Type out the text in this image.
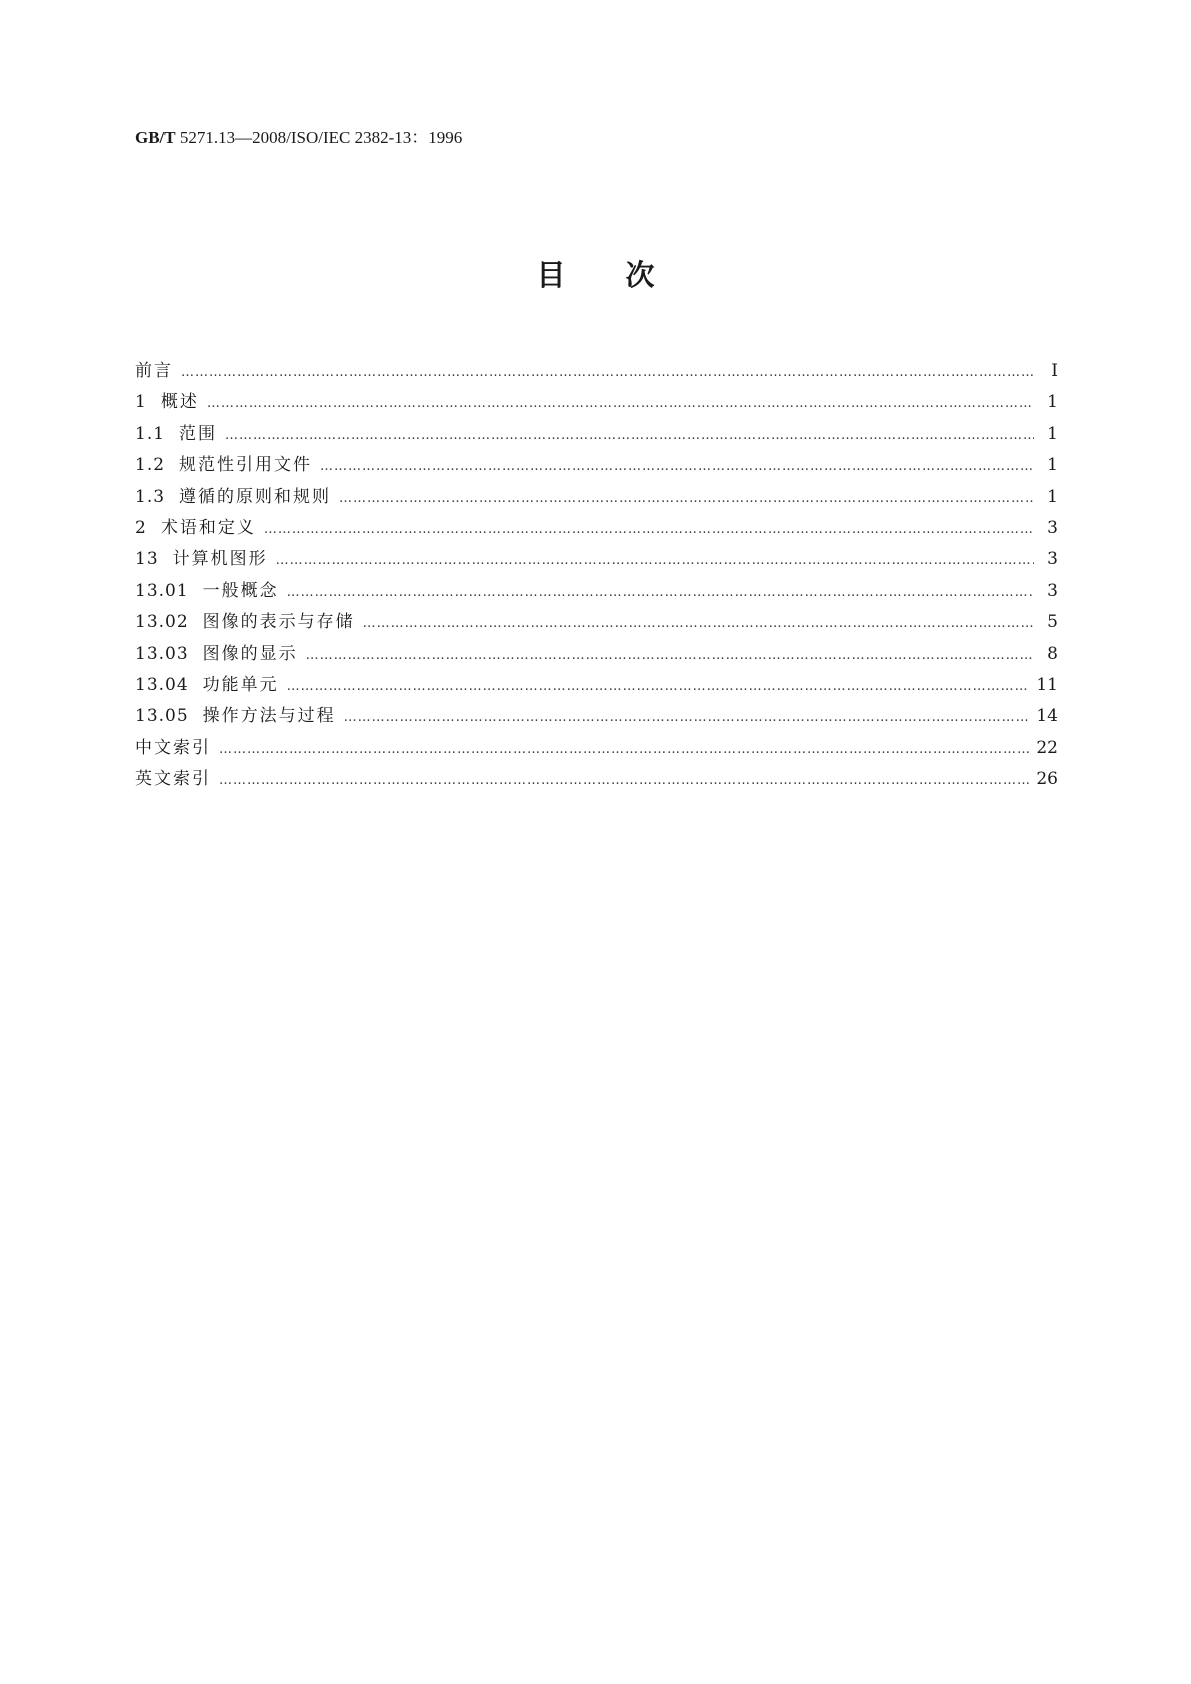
GB/T 5271.13—2008/ISO/IEC 2382-13：1996
目次
前言 ……………………………………………………………………………………………………………………………………………………………………………………………………………………………………………………	Ⅰ
1 概述 ……………………………………………………………………………………………………………………………………………………………………………………………………………………………………………………	1
1.1 范围 ……………………………………………………………………………………………………………………………………………………………………………………………………………………………………………………	1
1.2 规范性引用文件 ……………………………………………………………………………………………………………………………………………………………………………………………………………………………………………………	1
1.3 遵循的原则和规则 ……………………………………………………………………………………………………………………………………………………………………………………………………………………………………………………	1
2 术语和定义 ……………………………………………………………………………………………………………………………………………………………………………………………………………………………………………………	3
13 计算机图形 ……………………………………………………………………………………………………………………………………………………………………………………………………………………………………………………	3
13.01 一般概念 ……………………………………………………………………………………………………………………………………………………………………………………………………………………………………………………	3
13.02 图像的表示与存储 ……………………………………………………………………………………………………………………………………………………………………………………………………………………………………………………	5
13.03 图像的显示 ……………………………………………………………………………………………………………………………………………………………………………………………………………………………………………………	8
13.04 功能单元 ……………………………………………………………………………………………………………………………………………………………………………………………………………………………………………………	11
13.05 操作方法与过程 ……………………………………………………………………………………………………………………………………………………………………………………………………………………………………………………	14
中文索引 ……………………………………………………………………………………………………………………………………………………………………………………………………………………………………………………	22
英文索引 ……………………………………………………………………………………………………………………………………………………………………………………………………………………………………………………	26
